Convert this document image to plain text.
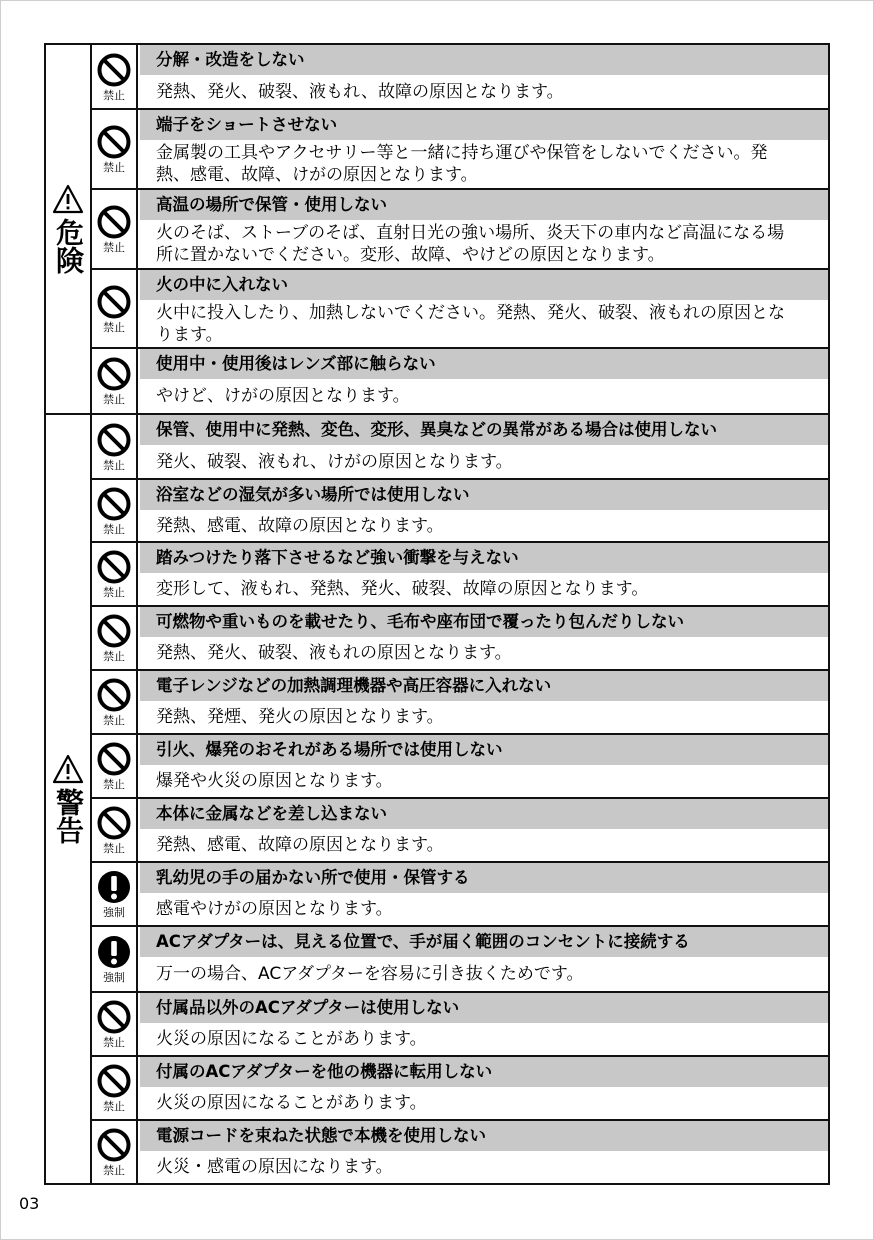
危険
警告
禁止
分解・改造をしない
発熱、発火、破裂、液もれ、故障の原因となります。
禁止
端子をショートさせない
金属製の工具やアクセサリー等と一緒に持ち運びや保管をしないでください。発熱、感電、故障、けがの原因となります。
禁止
高温の場所で保管・使用しない
火のそば、ストーブのそば、直射日光の強い場所、炎天下の車内など高温になる場所に置かないでください。変形、故障、やけどの原因となります。
禁止
火の中に入れない
火中に投入したり、加熱しないでください。発熱、発火、破裂、液もれの原因となります。
禁止
使用中・使用後はレンズ部に触らない
やけど、けがの原因となります。
禁止
保管、使用中に発熱、変色、変形、異臭などの異常がある場合は使用しない
発火、破裂、液もれ、けがの原因となります。
禁止
浴室などの湿気が多い場所では使用しない
発熱、感電、故障の原因となります。
禁止
踏みつけたり落下させるなど強い衝撃を与えない
変形して、液もれ、発熱、発火、破裂、故障の原因となります。
禁止
可燃物や重いものを載せたり、毛布や座布団で覆ったり包んだりしない
発熱、発火、破裂、液もれの原因となります。
禁止
電子レンジなどの加熱調理機器や高圧容器に入れない
発熱、発煙、発火の原因となります。
禁止
引火、爆発のおそれがある場所では使用しない
爆発や火災の原因となります。
禁止
本体に金属などを差し込まない
発熱、感電、故障の原因となります。
強制
乳幼児の手の届かない所で使用・保管する
感電やけがの原因となります。
強制
ACアダプターは、見える位置で、手が届く範囲のコンセントに接続する
万一の場合、ACアダプターを容易に引き抜くためです。
禁止
付属品以外のACアダプターは使用しない
火災の原因になることがあります。
禁止
付属のACアダプターを他の機器に転用しない
火災の原因になることがあります。
禁止
電源コードを束ねた状態で本機を使用しない
火災・感電の原因になります。
03
